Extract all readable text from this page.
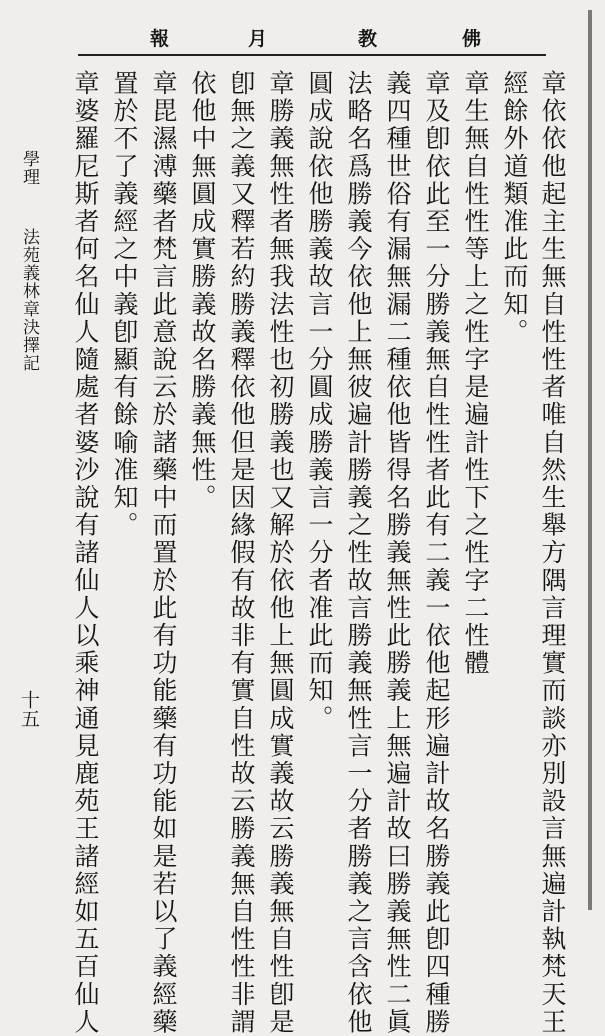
佛
教
月
報
章依依他起主生無自性性者唯自然生舉方隅言理實而談亦別設言無遍計執梵天王
經餘外道類准此而知。
章生無自性性等上之性字是遍計性下之性字二性體
章及卽依此至一分勝義無自性性者此有二義一依他起形遍計故名勝義此卽四種勝
義四種世俗有漏無漏二種依他皆得名勝義無性此勝義上無遍計故曰勝義無性二眞
法略名爲勝義今依他上無彼遍計勝義之性故言勝義無性言一分者勝義之言含依他
圓成說依他勝義故言一分圓成勝義言一分者准此而知。
章勝義無性者無我法性也初勝義也又解於依他上無圓成實義故云勝義無自性卽是
卽無之義又釋若約勝義釋依他但是因緣假有故非有實自性故云勝義無自性性非謂
依他中無圓成實勝義故名勝義無性。
章毘濕溥藥者梵言此意說云於諸藥中而置於此有功能藥有功能如是若以了義經藥
置於不了義經之中義卽顯有餘喻准知。
章婆羅尼斯者何名仙人隨處者婆沙說有諸仙人以乘神通見鹿苑王諸經如五百仙人
學理
法苑義林章決擇記
十五
